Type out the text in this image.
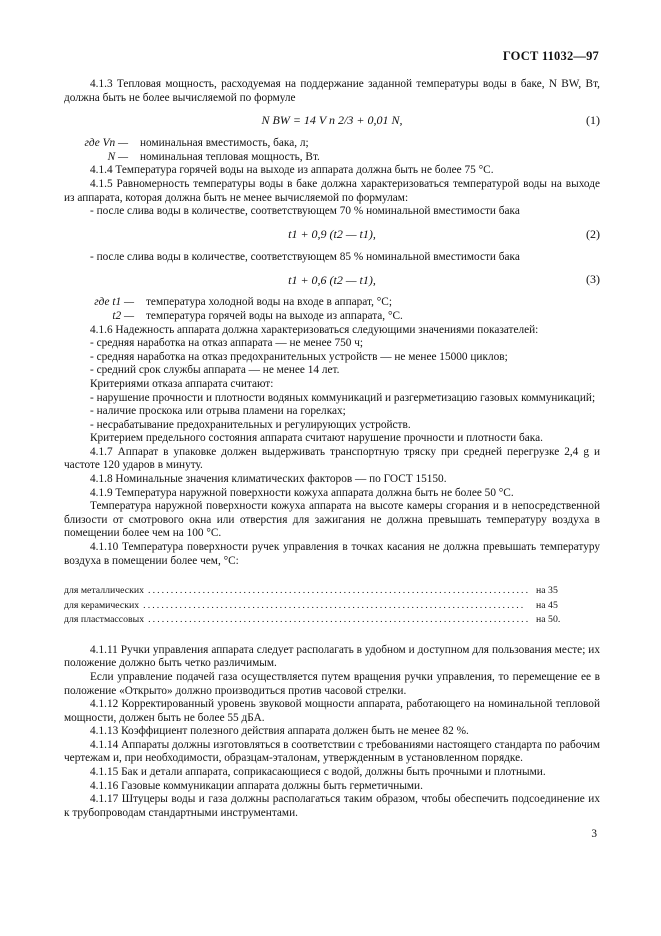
ГОСТ 11032—97

4.1.3 Тепловая мощность, расходуемая на поддержание заданной температуры воды в баке, N BW, Вт, должна быть не более вычисляемой по формуле

N BW = 14 V n 2/3 + 0,01 N,	(1)
где Vn —	номинальная вместимость, бака, л;
N —	номинальная тепловая мощность, Вт.

4.1.4 Температура горячей воды на выходе из аппарата должна быть не более 75 °С.

4.1.5 Равномерность температуры воды в баке должна характеризоваться температурой воды на выходе из аппарата, которая должна быть не менее вычисляемой по формулам:

- после слива воды в количестве, соответствующем 70 % номинальной вместимости бака

t1 + 0,9 (t2 — t1),	(2)

- после слива воды в количестве, соответствующем 85 % номинальной вместимости бака

t1 + 0,6 (t2 — t1),	(3)
где t1 —	температура холодной воды на входе в аппарат, °С;
t2 —	температура горячей воды на выходе из аппарата, °С.

4.1.6 Надежность аппарата должна характеризоваться следующими значениями показателей:

- средняя наработка на отказ аппарата — не менее 750 ч;

- средняя наработка на отказ предохранительных устройств — не менее 15000 циклов;

- средний срок службы аппарата — не менее 14 лет.

Критериями отказа аппарата считают:

- нарушение прочности и плотности водяных коммуникаций и разгерметизацию газовых коммуникаций;

- наличие проскока или отрыва пламени на горелках;

- несрабатывание предохранительных и регулирующих устройств.

Критерием предельного состояния аппарата считают нарушение прочности и плотности бака.

4.1.7 Аппарат в упаковке должен выдерживать транспортную тряску при средней перегрузке 2,4 g и частоте 120 ударов в минуту.

4.1.8 Номинальные значения климатических факторов — по ГОСТ 15150.

4.1.9 Температура наружной поверхности кожуха аппарата должна быть не более 50 °С.

Температура наружной поверхности кожуха аппарата на высоте камеры сгорания и в непосредственной близости от смотрового окна или отверстия для зажигания не должна превышать температуру воздуха в помещении более чем на 100 °С.

4.1.10 Температура поверхности ручек управления в точках касания не должна превышать температуру воздуха в помещении более чем, °С:

для металлических .................................................................................... на 35
для керамических ....................................................................................	на 45
для пластмассовых .................................................................................... на 50.

4.1.11 Ручки управления аппарата следует располагать в удобном и доступном для пользования месте; их положение должно быть четко различимым.

Если управление подачей газа осуществляется путем вращения ручки управления, то перемещение ее в положение «Открыто» должно производиться против часовой стрелки.

4.1.12 Корректированный уровень звуковой мощности аппарата, работающего на номинальной тепловой мощности, должен быть не более 55 дБА.

4.1.13 Коэффициент полезного действия аппарата должен быть не менее 82 %.

4.1.14 Аппараты должны изготовляться в соответствии с требованиями настоящего стандарта по рабочим чертежам и, при необходимости, образцам-эталонам, утвержденным в установленном порядке.

4.1.15 Бак и детали аппарата, соприкасающиеся с водой, должны быть прочными и плотными.

4.1.16 Газовые коммуникации аппарата должны быть герметичными.

4.1.17 Штуцеры воды и газа должны располагаться таким образом, чтобы обеспечить подсоединение их к трубопроводам стандартными инструментами.

3
